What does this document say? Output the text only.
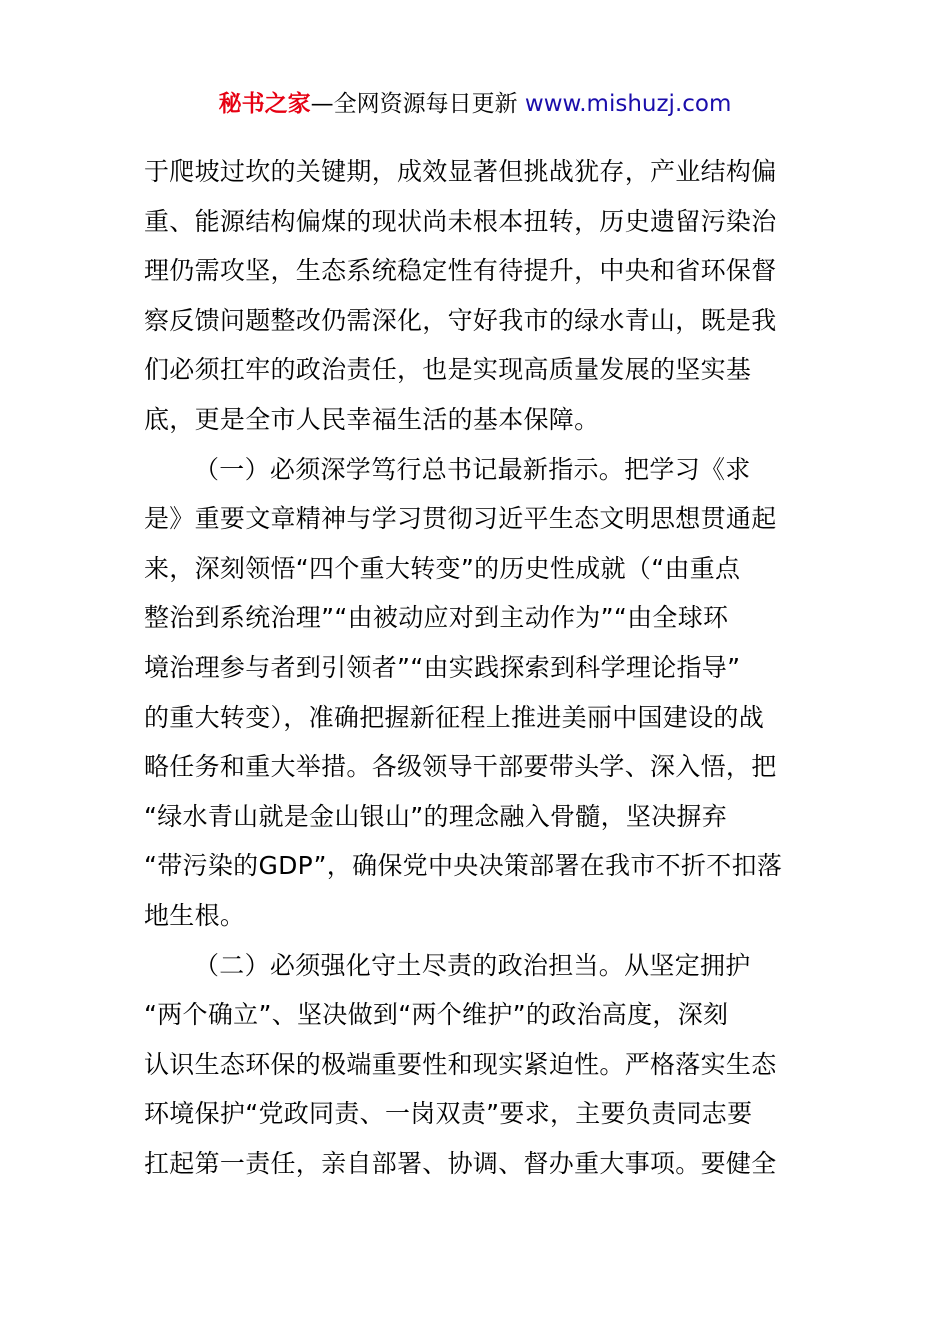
秘书之家—全网资源每日更新 www.mishuzj.com
于爬坡过坎的关键期，成效显著但挑战犹存，产业结构偏
重、能源结构偏煤的现状尚未根本扭转，历史遗留污染治
理仍需攻坚，生态系统稳定性有待提升，中央和省环保督
察反馈问题整改仍需深化，守好我市的绿水青山，既是我
们必须扛牢的政治责任，也是实现高质量发展的坚实基
底，更是全市人民幸福生活的基本保障。
（一）必须深学笃行总书记最新指示。把学习《求
是》重要文章精神与学习贯彻习近平生态文明思想贯通起
来，深刻领悟“四个重大转变”的历史性成就（“由重点
整治到系统治理”“由被动应对到主动作为”“由全球环
境治理参与者到引领者”“由实践探索到科学理论指导”
的重大转变），准确把握新征程上推进美丽中国建设的战
略任务和重大举措。各级领导干部要带头学、深入悟，把
“绿水青山就是金山银山”的理念融入骨髓，坚决摒弃
“带污染的GDP”，确保党中央决策部署在我市不折不扣落
地生根。
（二）必须强化守土尽责的政治担当。从坚定拥护
“两个确立”、坚决做到“两个维护”的政治高度，深刻
认识生态环保的极端重要性和现实紧迫性。严格落实生态
环境保护“党政同责、一岗双责”要求，主要负责同志要
扛起第一责任，亲自部署、协调、督办重大事项。要健全
